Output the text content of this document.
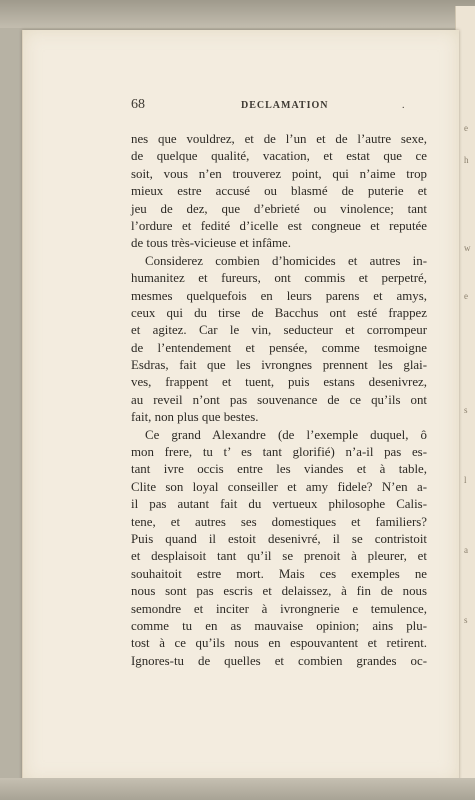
e
h
w
e
s
l
a
s
68	DECLAMATION	.
nes que vouldrez, et de l’un et de l’autre sexe,
de quelque qualité, vacation, et estat que ce
soit, vous n’en trouverez point, qui n’aime trop
mieux estre accusé ou blasmé de puterie et
jeu de dez, que d’ebrieté ou vinolence; tant
l’ordure et fedité d’icelle est congneue et reputée
de tous très-vicieuse et infâme.
Considerez combien d’homicides et autres in-
humanitez et fureurs, ont commis et perpetré,
mesmes quelquefois en leurs parens et amys,
ceux qui du tirse de Bacchus ont esté frappez
et agitez. Car le vin, seducteur et corrompeur
de l’entendement et pensée, comme tesmoigne
Esdras, fait que les ivrongnes prennent les glai-
ves, frappent et tuent, puis estans desenivrez,
au reveil n’ont pas souvenance de ce qu’ils ont
fait, non plus que bestes.
Ce grand Alexandre (de l’exemple duquel, ô
mon frere, tu t’ es tant glorifié) n’a-il pas es-
tant ivre occis entre les viandes et à table,
Clite son loyal conseiller et amy fidele? N’en a-
il pas autant fait du vertueux philosophe Calis-
tene, et autres ses domestiques et familiers?
Puis quand il estoit desenivré, il se contristoit
et desplaisoit tant qu’il se prenoit à pleurer, et
souhaitoit estre mort. Mais ces exemples ne
nous sont pas escris et delaissez, à fin de nous
semondre et inciter à ivrongnerie e temulence,
comme tu en as mauvaise opinion; ains plu-
tost à ce qu’ils nous en espouvantent et retirent.
Ignores-tu de quelles et combien grandes oc-
